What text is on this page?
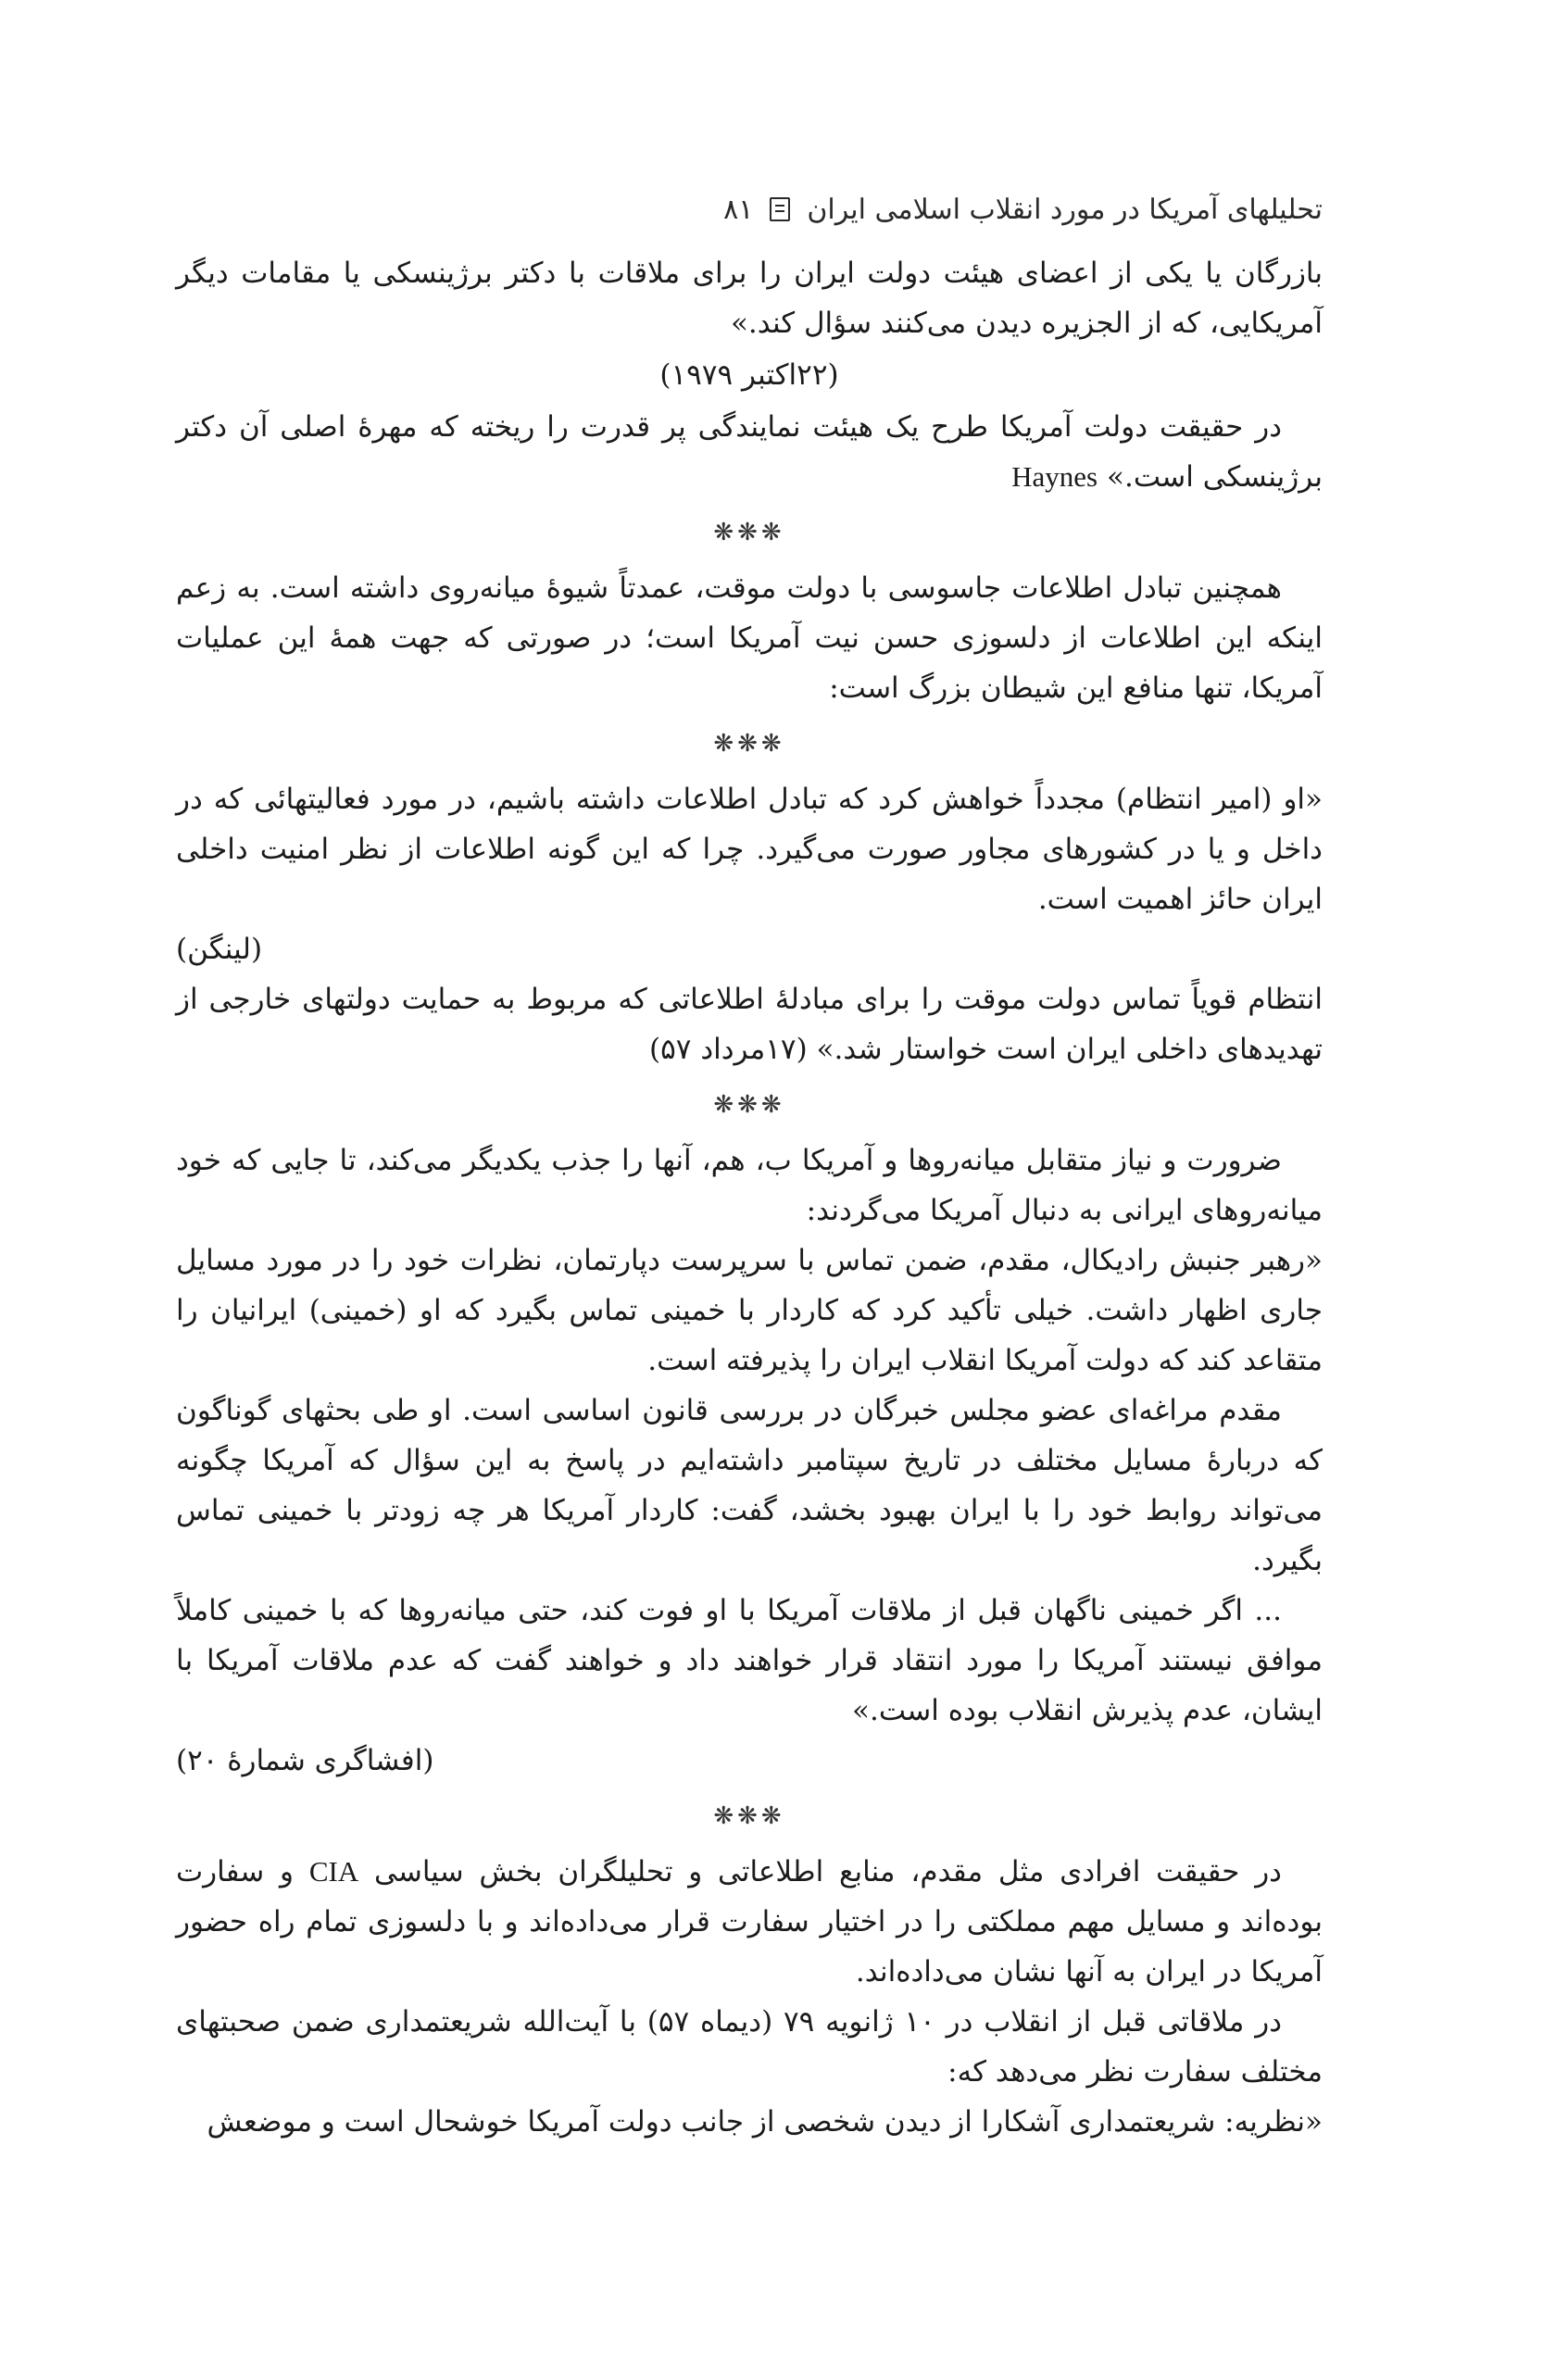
تحلیلهای آمریکا در مورد انقلاب اسلامی ایران
۸۱

بازرگان یا یکی از اعضای هیئت دولت ایران را برای ملاقات با دکتر برژینسکی یا مقامات دیگر آمریکایی، که از الجزیره دیدن می‌کنند سؤال کند.»

(۲۲اکتبر ۱۹۷۹)

در حقیقت دولت آمریکا طرح یک هیئت نمایندگی پر قدرت را ریخته که مهرهٔ اصلی آن دکتر برژینسکی است.» Haynes

❋❋❋

همچنین تبادل اطلاعات جاسوسی با دولت موقت، عمدتاً شیوهٔ میانه‌روی داشته است. به زعم اینکه این اطلاعات از دلسوزی حسن نیت آمریکا است؛ در صورتی که جهت همهٔ این عملیات آمریکا، تنها منافع این شیطان بزرگ است:

❋❋❋

«او (امیر انتظام) مجدداً خواهش کرد که تبادل اطلاعات داشته باشیم، در مورد فعالیتهائی که در داخل و یا در کشورهای مجاور صورت می‌گیرد. چرا که این گونه اطلاعات از نظر امنیت داخلی ایران حائز اهمیت است.
(لینگن)

انتظام قویاً تماس دولت موقت را برای مبادلهٔ اطلاعاتی که مربوط به حمایت دولتهای خارجی از تهدیدهای داخلی ایران است خواستار شد.» (۱۷مرداد ۵۷)

❋❋❋

ضرورت و نیاز متقابل میانه‌روها و آمریکا ب، هم، آنها را جذب یکدیگر می‌کند، تا جایی که خود میانه‌روهای ایرانی به دنبال آمریکا می‌گردند:

«رهبر جنبش رادیکال، مقدم، ضمن تماس با سرپرست دپارتمان، نظرات خود را در مورد مسایل جاری اظهار داشت. خیلی تأکید کرد که کاردار با خمینی تماس بگیرد که او (خمینی) ایرانیان را متقاعد کند که دولت آمریکا انقلاب ایران را پذیرفته است.

مقدم مراغه‌ای عضو مجلس خبرگان در بررسی قانون اساسی است. او طی بحثهای گوناگون که دربارهٔ مسایل مختلف در تاریخ سپتامبر داشته‌ایم در پاسخ به این سؤال که آمریکا چگونه می‌تواند روابط خود را با ایران بهبود بخشد، گفت: کاردار آمریکا هر چه زودتر با خمینی تماس بگیرد.

... اگر خمینی ناگهان قبل از ملاقات آمریکا با او فوت کند، حتی میانه‌روها که با خمینی کاملاً موافق نیستند آمریکا را مورد انتقاد قرار خواهند داد و خواهند گفت که عدم ملاقات آمریکا با ایشان، عدم پذیرش انقلاب بوده است.»
(افشاگری شمارهٔ ۲۰)

❋❋❋

در حقیقت افرادی مثل مقدم، منابع اطلاعاتی و تحلیلگران بخش سیاسی CIA و سفارت بوده‌اند و مسایل مهم مملکتی را در اختیار سفارت قرار می‌داده‌اند و با دلسوزی تمام راه حضور آمریکا در ایران به آنها نشان می‌داده‌اند.

در ملاقاتی قبل از انقلاب در ۱۰ ژانویه ۷۹ (دیماه ۵۷) با آیت‌الله شریعتمداری ضمن صحبتهای مختلف سفارت نظر می‌دهد که:

«نظریه: شریعتمداری آشکارا از دیدن شخصی از جانب دولت آمریکا خوشحال است و موضعش
